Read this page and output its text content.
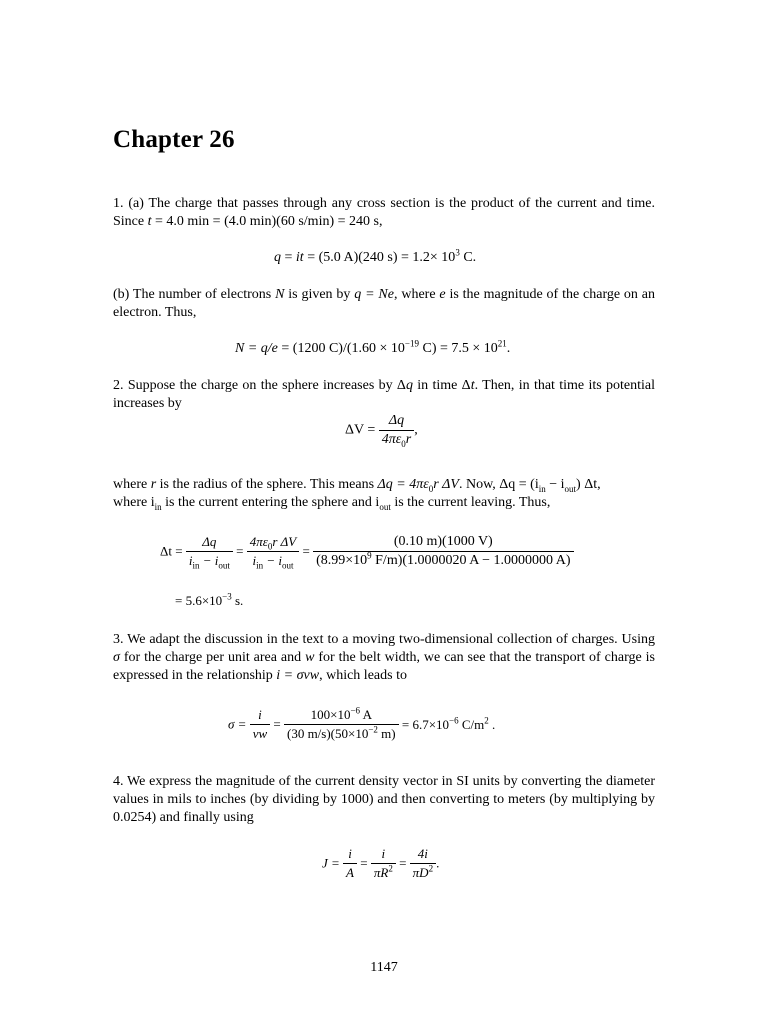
Chapter 26

1. (a) The charge that passes through any cross section is the product of the current and time. Since t = 4.0 min = (4.0 min)(60 s/min) = 240 s,

q = it = (5.0 A)(240 $s) = 1.2\times 10^3$ C.

(b) The number of electrons N is given by q = Ne, where e is the magnitude of the charge on an electron. Thus,

N = q/e = (1200 $C)/(1.60 \times 10^{-19}$ $C) = 7.5 \times 10^{21}$.

2. Suppose the charge on the sphere increases by Δq in time Δt. Then, in that time its potential increases by

$\Delta V = \frac{\Delta q}{4\pi\varepsilon_0r}$ ,

where r is the radius of the sphere. This means $\Delta q = 4\pi\varepsilon_0r$ ΔV. Now, $\Delta q = (i_{in} - i_{out})$ Δt,
where $i_{in}$ is the current entering the sphere and $i_{out}$ is the current leaving. Thus,

$\Delta t = \frac{\Delta q}{i_{in} - i_{out}} = \frac{4\pi\varepsilon_0r \Delta V}{i_{in} - i_{out}} = \frac{(0.10 m)(1000 V)}{(8.99\times 10^9 F/m)(1.0000020 A - 1.0000000 A)}$
= $5.6\times 10^{-3}$ s.

3. We adapt the discussion in the text to a moving two-dimensional collection of charges. Using σ for the charge per unit area and w for the belt width, we can see that the transport of charge is expressed in the relationship i = σvw, which leads to

$\sigma = \frac{i}{vw} = \frac{100\times 10^{-6} A}{(30 m/s)(50\times 10^{-2} m)} = 6.7\times 10^{-6}$ $C/m^2$ .

4. We express the magnitude of the current density vector in SI units by converting the diameter values in mils to inches (by dividing by 1000) and then converting to meters (by multiplying by 0.0254) and finally using

$J = \frac{i}{A} = \frac{i}{\pi R^2} = \frac{4i}{\pi D^2}$ .
1147
